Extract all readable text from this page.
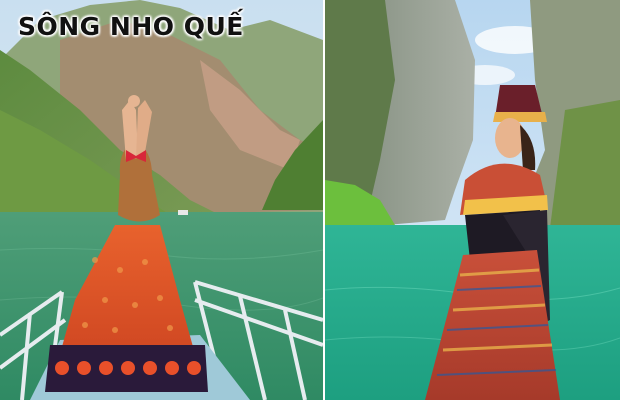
SÔNG NHO QUẾ
